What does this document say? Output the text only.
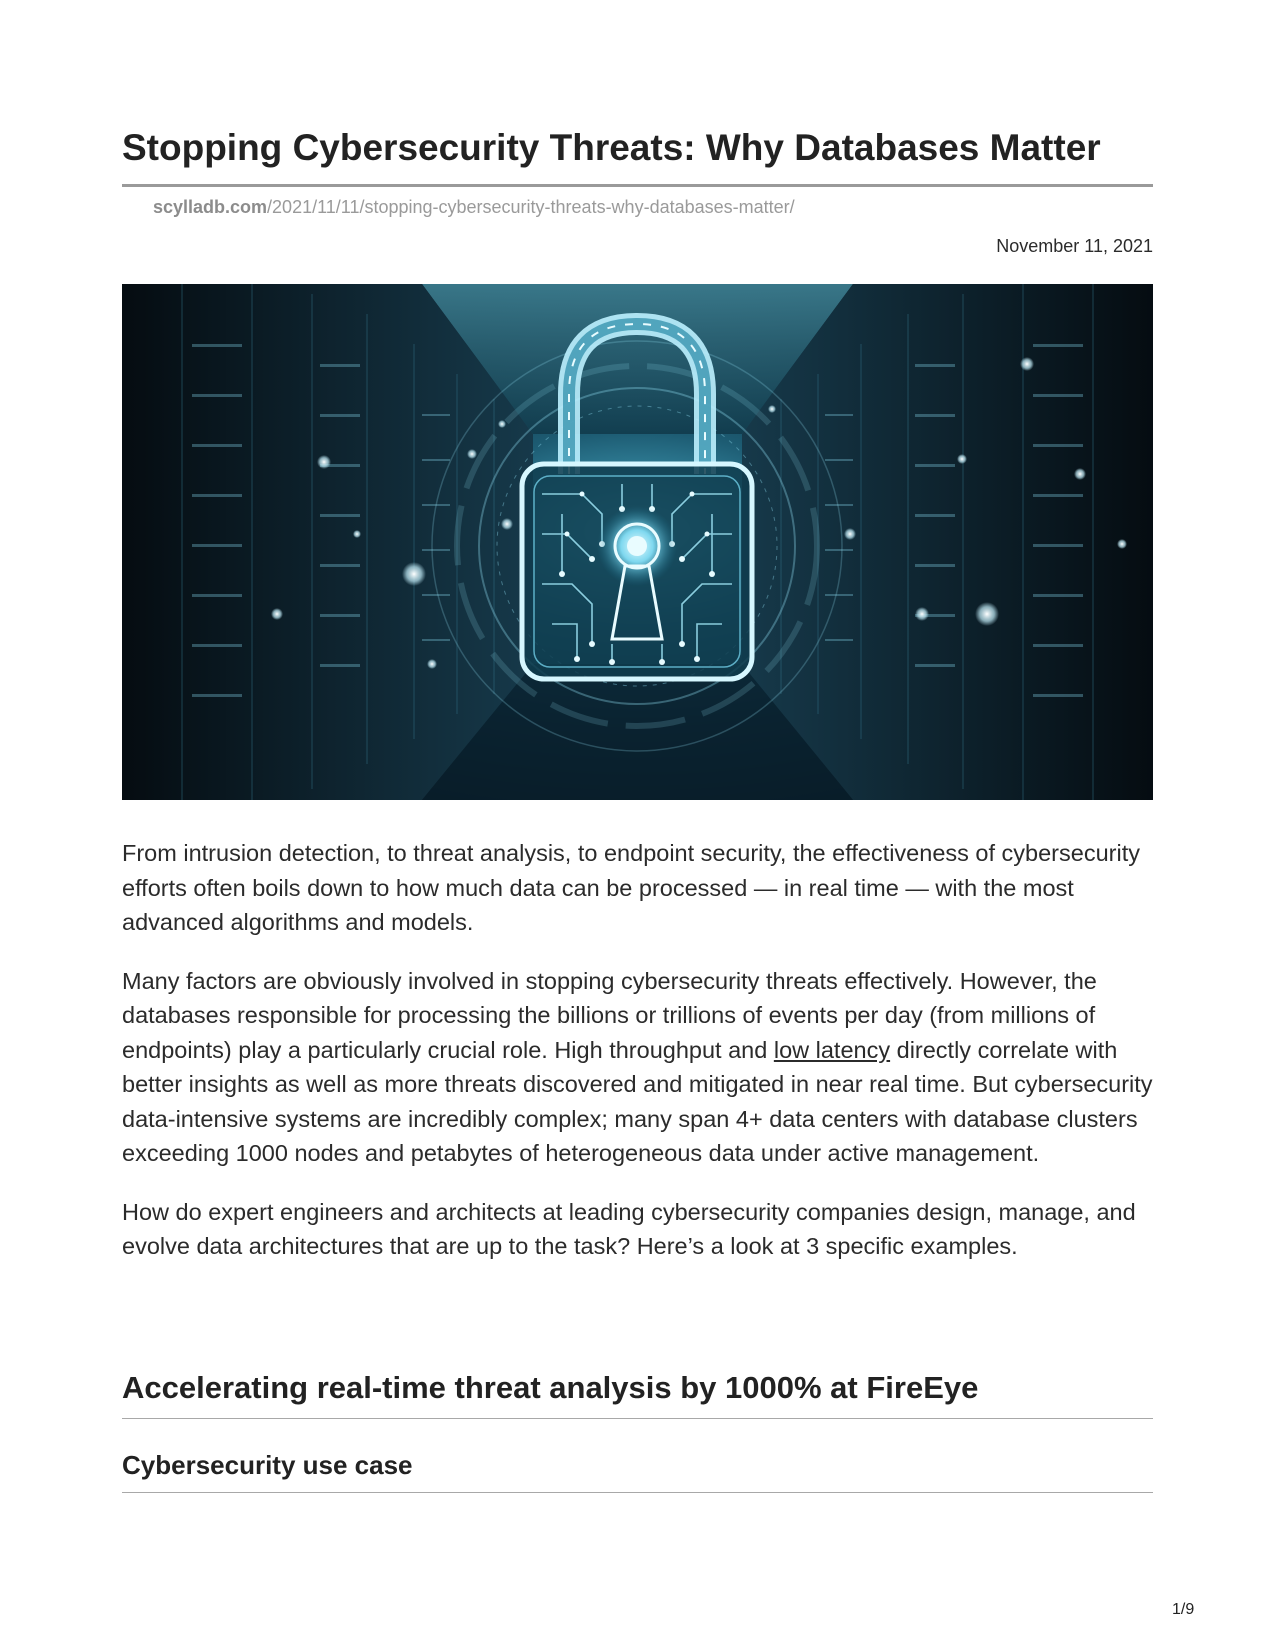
Stopping Cybersecurity Threats: Why Databases Matter
scylladb.com/2021/11/11/stopping-cybersecurity-threats-why-databases-matter/
November 11, 2021

From intrusion detection, to threat analysis, to endpoint security, the effectiveness of cybersecurity efforts often boils down to how much data can be processed — in real time — with the most advanced algorithms and models.

Many factors are obviously involved in stopping cybersecurity threats effectively. However, the databases responsible for processing the billions or trillions of events per day (from millions of endpoints) play a particularly crucial role. High throughput and low latency directly correlate with better insights as well as more threats discovered and mitigated in near real time. But cybersecurity data-intensive systems are incredibly complex; many span 4+ data centers with database clusters exceeding 1000 nodes and petabytes of heterogeneous data under active management.

How do expert engineers and architects at leading cybersecurity companies design, manage, and evolve data architectures that are up to the task? Here’s a look at 3 specific examples.

Accelerating real-time threat analysis by 1000% at FireEye
Cybersecurity use case
1/9
